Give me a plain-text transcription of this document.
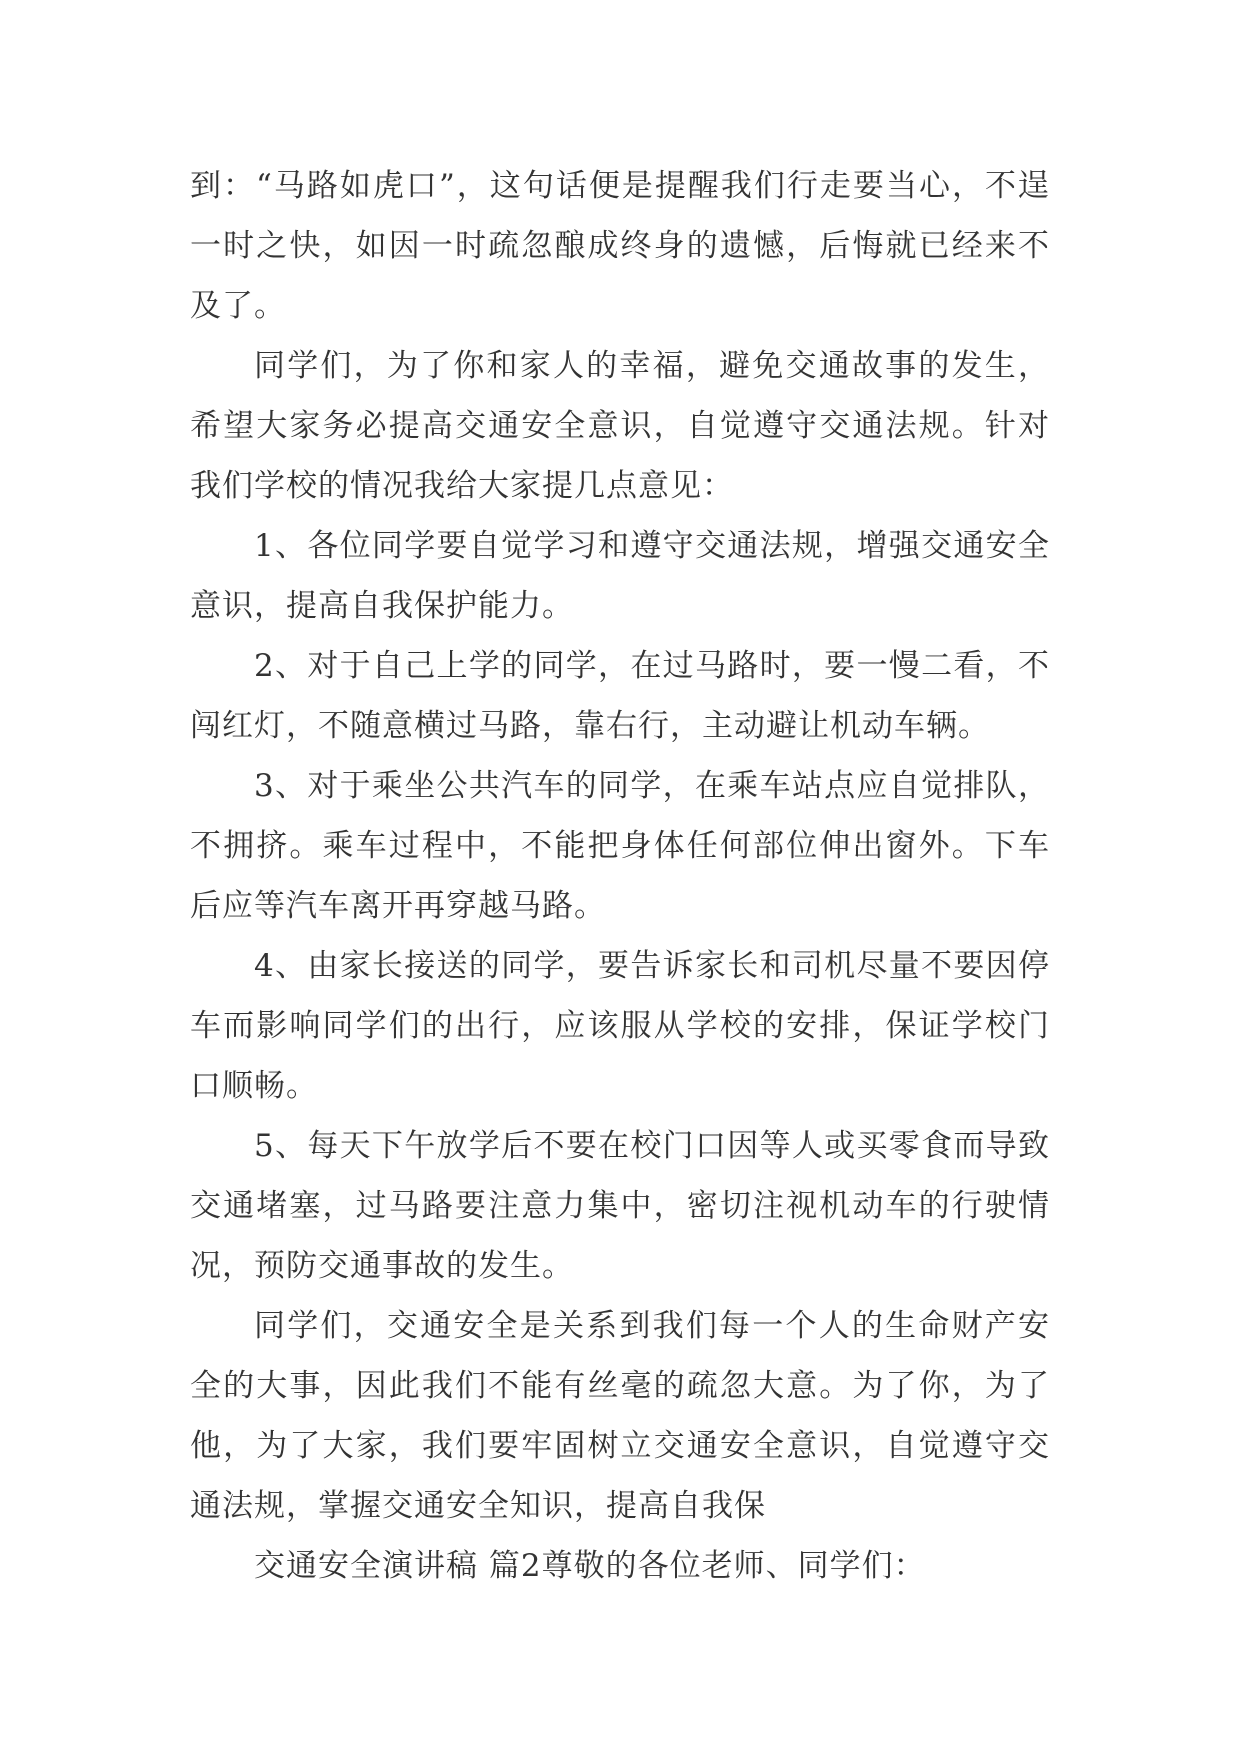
到：“马路如虎口”，这句话便是提醒我们行走要当心，不逞一时之快，如因一时疏忽酿成终身的遗憾，后悔就已经来不及了。

同学们，为了你和家人的幸福，避免交通故事的发生，希望大家务必提高交通安全意识，自觉遵守交通法规。针对我们学校的情况我给大家提几点意见：

1、各位同学要自觉学习和遵守交通法规，增强交通安全意识，提高自我保护能力。

2、对于自己上学的同学，在过马路时，要一慢二看，不闯红灯，不随意横过马路，靠右行，主动避让机动车辆。

3、对于乘坐公共汽车的同学，在乘车站点应自觉排队，不拥挤。乘车过程中，不能把身体任何部位伸出窗外。下车后应等汽车离开再穿越马路。

4、由家长接送的同学，要告诉家长和司机尽量不要因停车而影响同学们的出行，应该服从学校的安排，保证学校门口顺畅。

5、每天下午放学后不要在校门口因等人或买零食而导致交通堵塞，过马路要注意力集中，密切注视机动车的行驶情况，预防交通事故的发生。

同学们，交通安全是关系到我们每一个人的生命财产安全的大事，因此我们不能有丝毫的疏忽大意。为了你，为了他，为了大家，我们要牢固树立交通安全意识，自觉遵守交通法规，掌握交通安全知识，提高自我保

交通安全演讲稿 篇2尊敬的各位老师、同学们：
